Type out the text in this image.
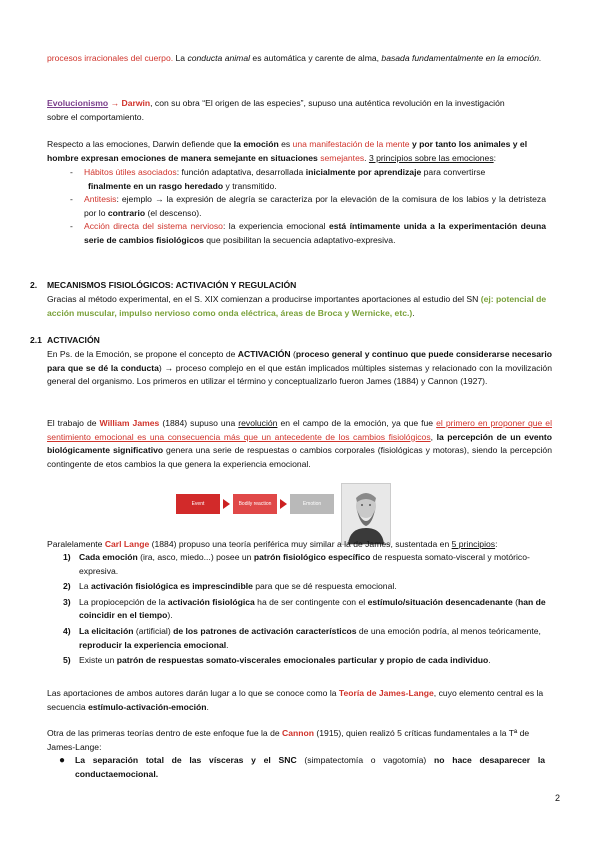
procesos irracionales del cuerpo. La conducta animal es automática y carente de alma, basada fundamentalmente en la emoción.
Evolucionismo → Darwin, con su obra “El origen de las especies”, supuso una auténtica revolución en la investigación
sobre el comportamiento.
Respecto a las emociones, Darwin defiende que la emoción es una manifestación de la mente y por tanto los animales y el hombre expresan emociones de manera semejante en situaciones semejantes. 3 principios sobre las emociones:
- Hábitos útiles asociados: función adaptativa, desarrollada inicialmente por aprendizaje para convertirse
finalmente en un rasgo heredado y transmitido.
- Antitesis: ejemplo → la expresión de alegría se caracteriza por la elevación de la comisura de los labios y la detristeza por lo contrario (el descenso).
- Acción directa del sistema nervioso: la experiencia emocional está íntimamente unida a la experimentación deuna serie de cambios fisiológicos que posibilitan la secuencia adaptativo-expresiva.
2. MECANISMOS FISIOLÓGICOS: ACTIVACIÓN Y REGULACIÓN
Gracias al método experimental, en el S. XIX comienzan a producirse importantes aportaciones al estudio del SN (ej: potencial de acción muscular, impulso nervioso como onda eléctrica, áreas de Broca y Wernicke, etc.).
2.1 ACTIVACIÓN
En Ps. de la Emoción, se propone el concepto de ACTIVACIÓN (proceso general y continuo que puede considerarse necesario para que se dé la conducta) → proceso complejo en el que están implicados múltiples sistemas y relacionado con la movilización general del organismo. Los primeros en utilizar el término y conceptualizarlo fueron James (1884) y Cannon (1927).
El trabajo de William James (1884) supuso una revolución en el campo de la emoción, ya que fue el primero en proponer que el sentimiento emocional es una consecuencia más que un antecedente de los cambios fisiológicos, la percepción de un evento biológicamente significativo genera una serie de respuestas o cambios corporales (fisiológicas y motoras), siendo la percepción contingente de etos cambios la que genera la experiencia emocional.
Event	Bodily reaction	Emotion
Paralelamente Carl Lange (1884) propuso una teoría periférica muy similar a la de James, sustentada en 5 principios:
1) Cada emoción (ira, asco, miedo...) posee un patrón fisiológico específico de respuesta somato-visceral y motórico-
expresiva.
2) La activación fisiológica es imprescindible para que se dé respuesta emocional.
3) La propiocepción de la activación fisiológica ha de ser contingente con el estímulo/situación desencadenante (han de coincidir en el tiempo).
4) La elicitación (artificial) de los patrones de activación característicos de una emoción podría, al menos teóricamente, reproducir la experiencia emocional.
5) Existe un patrón de respuestas somato-viscerales emocionales particular y propio de cada individuo.
Las aportaciones de ambos autores darán lugar a lo que se conoce como la Teoría de James-Lange, cuyo elemento central es la secuencia estímulo-activación-emoción.
Otra de las primeras teorías dentro de este enfoque fue la de Cannon (1915), quien realizó 5 críticas fundamentales a la Tª de James-Lange:
● La separación total de las vísceras y el SNC (simpatectomía o vagotomía) no hace desaparecer la conductaemocional.
2
